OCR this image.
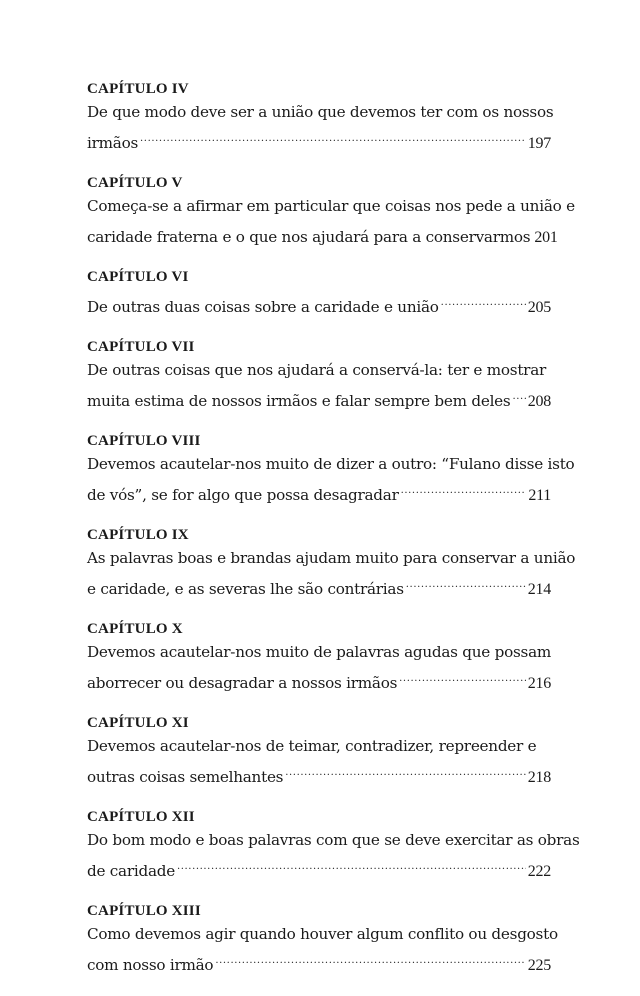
CAPÍTULO IV
De que modo deve ser a união que devemos ter com os nossos
irmãos .....	197
CAPÍTULO V
Começa-se a afirmar em particular que coisas nos pede a união e
caridade fraterna e o que nos ajudará para a conservarmos 201
CAPÍTULO VI
De outras duas coisas sobre a caridade e união .....	205
CAPÍTULO VII
De outras coisas que nos ajudará a conservá-la: ter e mostrar
muita estima de nossos irmãos e falar sempre bem deles ..... 208
CAPÍTULO VIII
Devemos acautelar-nos muito de dizer a outro: “Fulano disse isto
de vós”, se for algo que possa desagradar .....	211
CAPÍTULO IX
As palavras boas e brandas ajudam muito para conservar a união
e caridade, e as severas lhe são contrárias .....	214
CAPÍTULO X
Devemos acautelar-nos muito de palavras agudas que possam
aborrecer ou desagradar a nossos irmãos .....	216
CAPÍTULO XI
Devemos acautelar-nos de teimar, contradizer, repreender e
outras coisas semelhantes .....	218
CAPÍTULO XII
Do bom modo e boas palavras com que se deve exercitar as obras
de caridade .....	222
CAPÍTULO XIII
Como devemos agir quando houver algum conflito ou desgosto
com nosso irmão .....	225
